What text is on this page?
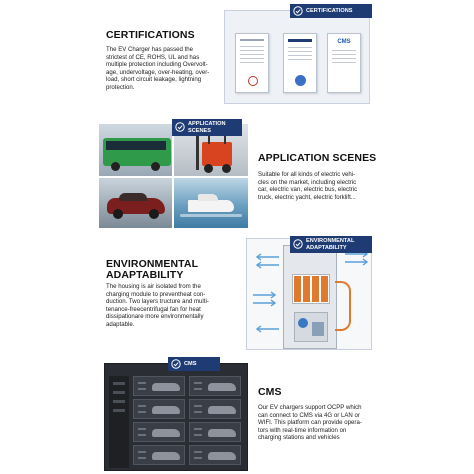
CERTIFICATIONS
The EV Charger has passed the
strictest of CE, ROHS, UL and has
multiple protection including Overvolt-
age, undervoltage, over-heating, over-
load, short circuit leakage, lightning
protection.
CMS
CERTIFICATIONS
APPLICATION
SCENES
APPLICATION SCENES
Suitable for all kinds of electric vehi-
cles on the market, including electric
car, electric van, electric bus, electric
truck, electric yacht, electric forklift...
ENVIRONMENTAL
ADAPTABILITY
The housing is air isolated from the
charging module to preventheat con-
duction. Two layers tructure and multi-
tenance-freecentrifugal fan for heat
dissipationare more environmentally
adaptable.
ENVIRONMENTAL
ADAPTABILITY
CMS
CMS
Our EV chargers support OCPP which
can connect to CMS via 4G or LAN or
WIFI. This platform can provide opera-
tors with real-time information on
charging stations and vehicles
